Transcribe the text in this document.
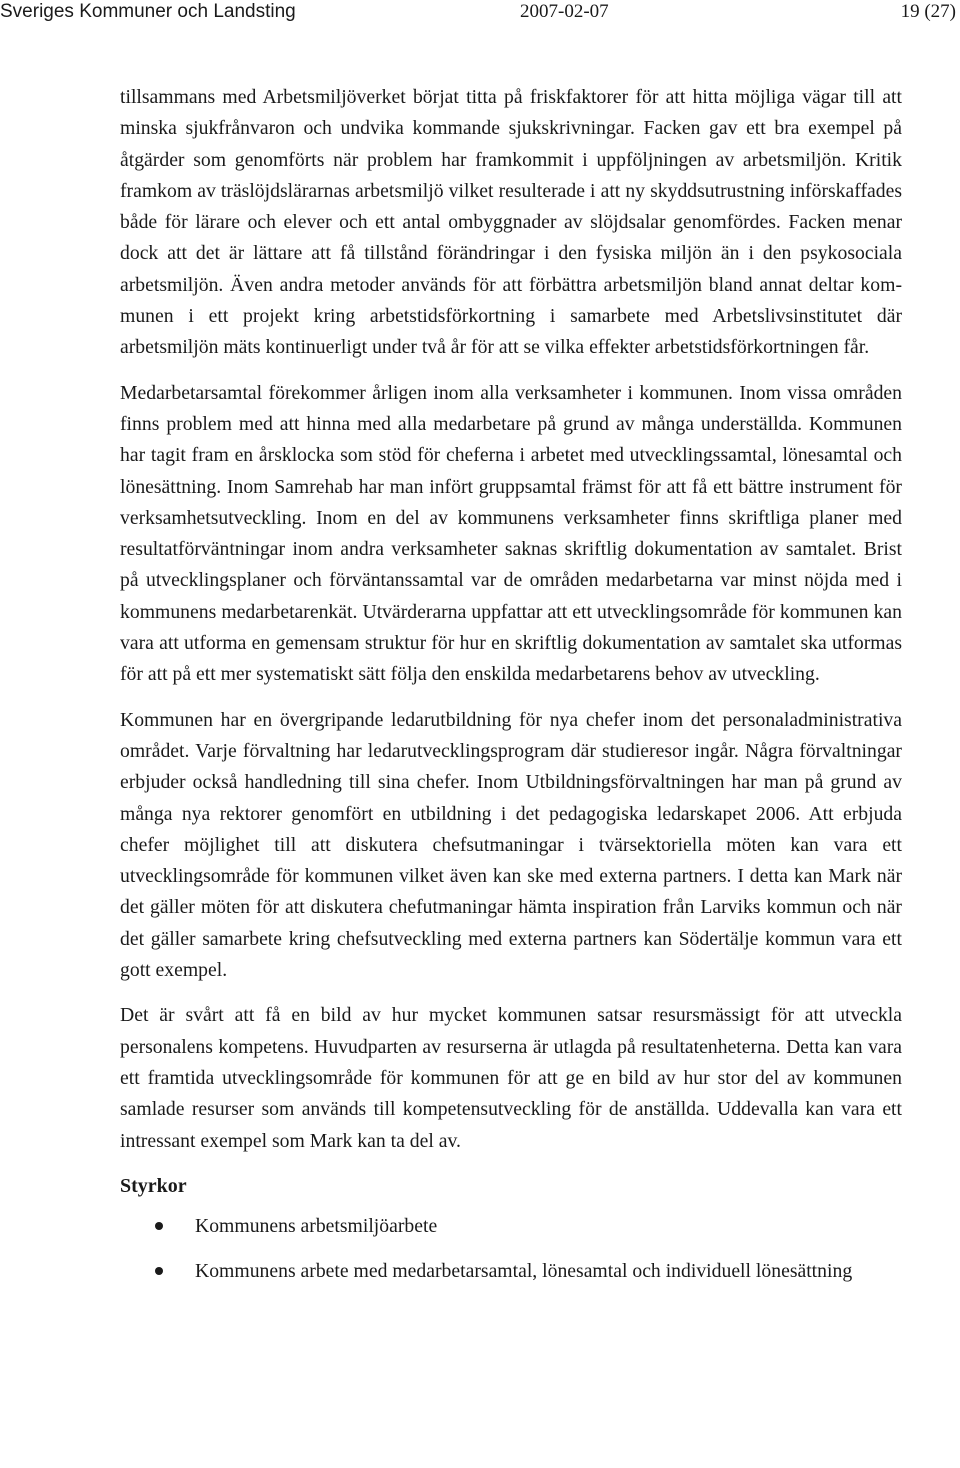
Sveriges Kommuner och Landsting	2007-02-07	19 (27)

tillsammans med Arbetsmiljöverket börjat titta på friskfaktorer för att hitta möjliga vägar till att minska sjukfrånvaron och undvika kommande sjukskrivningar. Facken gav ett bra exempel på åtgärder som genomförts när problem har framkommit i uppföljningen av arbetsmiljön. Kritik framkom av träslöjdslärarnas arbetsmiljö vilket resulterade i att ny skyddsutrustning införskaffades både för lärare och elever och ett antal ombyggnader av slöjdsalar genomfördes. Facken menar dock att det är lättare att få tillstånd förändringar i den fysiska miljön än i den psykosociala arbetsmiljön. Även andra metoder används för att förbättra arbetsmiljön bland annat deltar kommunen i ett projekt kring arbetstidsförkortning i samarbete med Arbetslivsinstitutet där arbetsmiljön mäts kontinuerligt under två år för att se vilka effekter arbetstidsförkortningen får.

Medarbetarsamtal förekommer årligen inom alla verksamheter i kommunen. Inom vissa områden finns problem med att hinna med alla medarbetare på grund av många underställda. Kommunen har tagit fram en årsklocka som stöd för cheferna i arbetet med utvecklingssamtal, lönesamtal och lönesättning. Inom Samrehab har man infört gruppsamtal främst för att få ett bättre instrument för verksamhetsutveckling. Inom en del av kommunens verksamheter finns skriftliga planer med resultatförväntningar inom andra verksamheter saknas skriftlig dokumentation av samtalet. Brist på utvecklingsplaner och förväntanssamtal var de områden medarbetarna var minst nöjda med i kommunens medarbetarenkät. Utvärderarna uppfattar att ett utvecklingsområde för kommunen kan vara att utforma en gemensam struktur för hur en skriftlig dokumentation av samtalet ska utformas för att på ett mer systematiskt sätt följa den enskilda medarbetarens behov av utveckling.

Kommunen har en övergripande ledarutbildning för nya chefer inom det personaladministrativa området. Varje förvaltning har ledarutvecklingsprogram där studieresor ingår. Några förvaltningar erbjuder också handledning till sina chefer. Inom Utbildningsförvaltningen har man på grund av många nya rektorer genomfört en utbildning i det pedagogiska ledarskapet 2006. Att erbjuda chefer möjlighet till att diskutera chefsutmaningar i tvärsektoriella möten kan vara ett utvecklingsområde för kommunen vilket även kan ske med externa partners. I detta kan Mark när det gäller möten för att diskutera chefutmaningar hämta inspiration från Larviks kommun och när det gäller samarbete kring chefsutveckling med externa partners kan Södertälje kommun vara ett gott exempel.

Det är svårt att få en bild av hur mycket kommunen satsar resursmässigt för att utveckla personalens kompetens. Huvudparten av resurserna är utlagda på resultatenheterna. Detta kan vara ett framtida utvecklingsområde för kommunen för att ge en bild av hur stor del av kommunen samlade resurser som används till kompetensutveckling för de anställda. Uddevalla kan vara ett intressant exempel som Mark kan ta del av.

Styrkor
Kommunens arbetsmiljöarbete
Kommunens arbete med medarbetarsamtal, lönesamtal och individuell lönesättning
